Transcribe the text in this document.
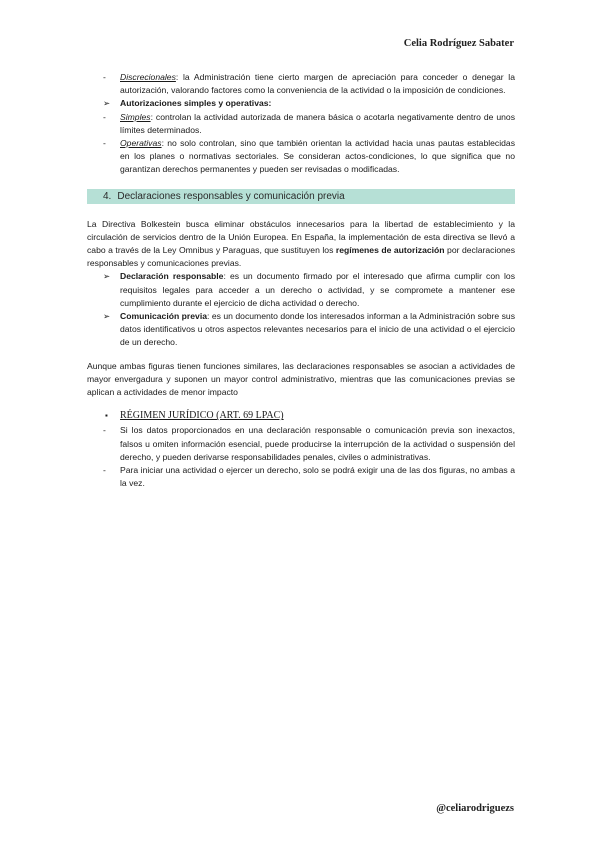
Celia Rodríguez Sabater
- Discrecionales: la Administración tiene cierto margen de apreciación para conceder o denegar la autorización, valorando factores como la conveniencia de la actividad o la imposición de condiciones.
➢ Autorizaciones simples y operativas:
- Simples: controlan la actividad autorizada de manera básica o acotarla negativamente dentro de unos límites determinados.
- Operativas: no solo controlan, sino que también orientan la actividad hacia unas pautas establecidas en los planes o normativas sectoriales. Se consideran actos-condiciones, lo que significa que no garantizan derechos permanentes y pueden ser revisadas o modificadas.
4. Declaraciones responsables y comunicación previa
La Directiva Bolkestein busca eliminar obstáculos innecesarios para la libertad de establecimiento y la circulación de servicios dentro de la Unión Europea. En España, la implementación de esta directiva se llevó a cabo a través de la Ley Omnibus y Paraguas, que sustituyen los regímenes de autorización por declaraciones responsables y comunicaciones previas.
➢ Declaración responsable: es un documento firmado por el interesado que afirma cumplir con los requisitos legales para acceder a un derecho o actividad, y se compromete a mantener ese cumplimiento durante el ejercicio de dicha actividad o derecho.
➢ Comunicación previa: es un documento donde los interesados informan a la Administración sobre sus datos identificativos u otros aspectos relevantes necesarios para el inicio de una actividad o el ejercicio de un derecho.
Aunque ambas figuras tienen funciones similares, las declaraciones responsables se asocian a actividades de mayor envergadura y suponen un mayor control administrativo, mientras que las comunicaciones previas se aplican a actividades de menor impacto
▪ RÉGIMEN JURÍDICO (ART. 69 LPAC)
- Si los datos proporcionados en una declaración responsable o comunicación previa son inexactos, falsos u omiten información esencial, puede producirse la interrupción de la actividad o suspensión del derecho, y pueden derivarse responsabilidades penales, civiles o administrativas.
- Para iniciar una actividad o ejercer un derecho, solo se podrá exigir una de las dos figuras, no ambas a la vez.
@celiarodriguezs
